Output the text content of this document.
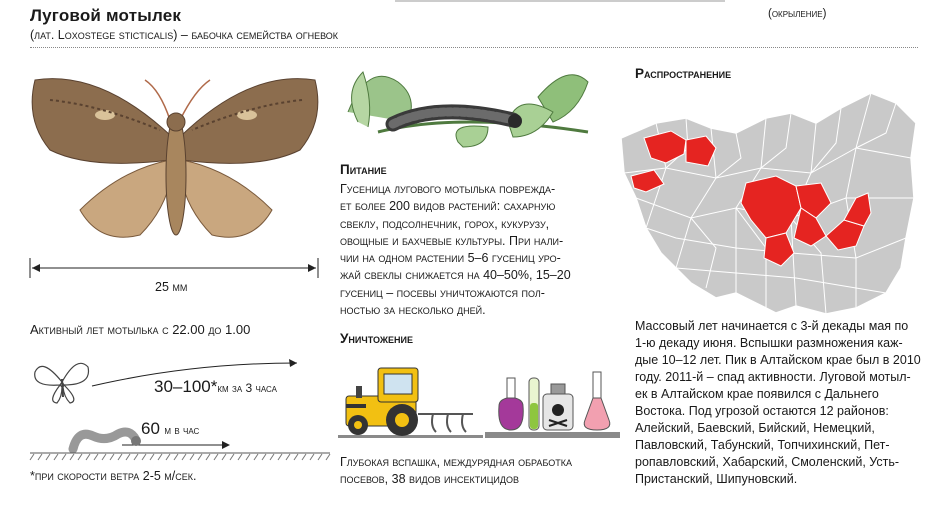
Луговой мотылек
(лат. Loxostege sticticalis) – бабочка семейства огневок
(окрыление)
25 мм
Активный лет мотылька с 22.00 до 1.00
30–100*км за 3 часа
60 м в час
*при скорости ветра 2-5 м/сек.
Питание
Гусеница лугового мотылька поврежда-
ет более 200 видов растений: сахарную
свеклу, подсолнечник, горох, кукурузу,
овощные и бахчевые культуры. При нали-
чии на одном растении 5–6 гусениц уро-
жай свеклы снижается на 40–50%, 15–20
гусениц – посевы уничтожаются пол-
ностью за несколько дней.
Уничтожение
Глубокая вспашка, междурядная обработка
посевов, 38 видов инсектицидов
Распространение
Массовый лет начинается с 3-й декады мая по
1-ю декаду июня. Вспышки размножения каж-
дые 10–12 лет. Пик в Алтайском крае был в 2010
году. 2011-й – спад активности. Луговой мотыл-
ек в Алтайском крае появился с Дальнего
Востока. Под угрозой остаются 12 районов:
Алейский, Баевский, Бийский, Немецкий,
Павловский, Табунский, Топчихинский, Пет-
ропавловский, Хабарский, Смоленский, Усть-
Пристанский, Шипуновский.
